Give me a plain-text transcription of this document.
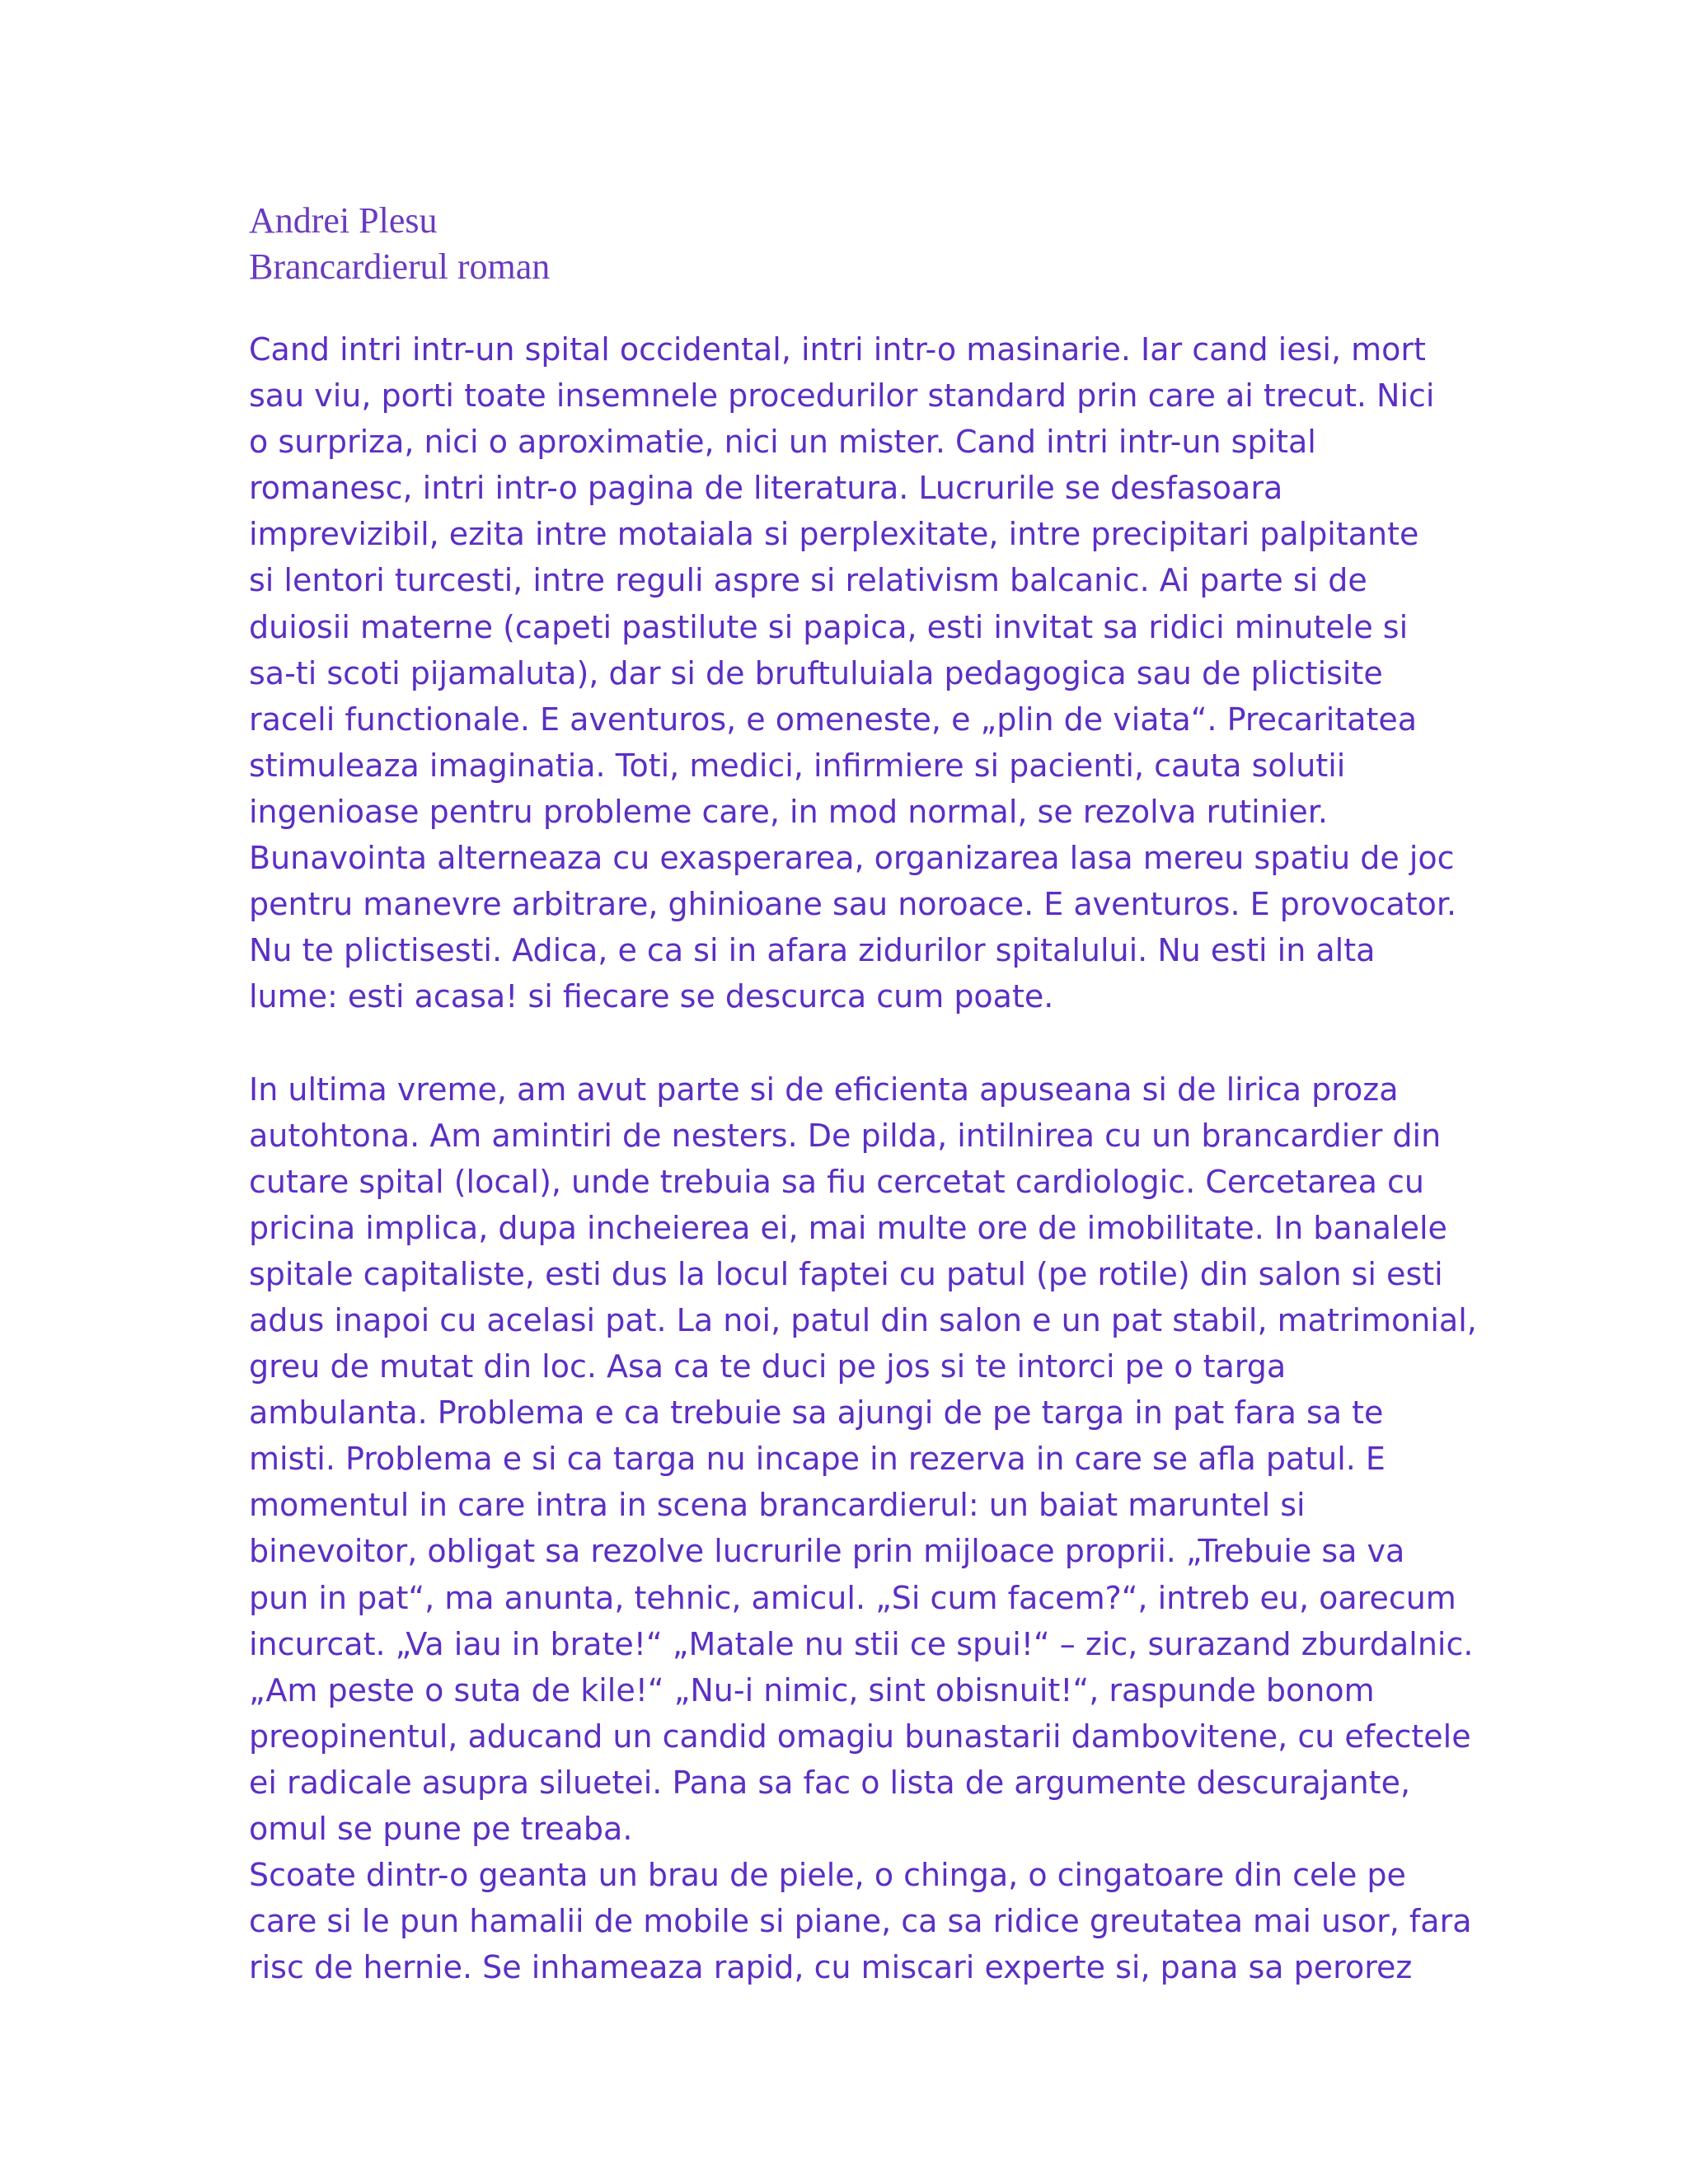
Andrei Plesu
Brancardierul roman
Cand intri intr-un spital occidental, intri intr-o masinarie. Iar cand iesi, mort
sau viu, porti toate insemnele procedurilor standard prin care ai trecut. Nici
o surpriza, nici o aproximatie, nici un mister. Cand intri intr-un spital
romanesc, intri intr-o pagina de literatura. Lucrurile se desfasoara
imprevizibil, ezita intre motaiala si perplexitate, intre precipitari palpitante
si lentori turcesti, intre reguli aspre si relativism balcanic. Ai parte si de
duiosii materne (capeti pastilute si papica, esti invitat sa ridici minutele si
sa-ti scoti pijamaluta), dar si de bruftuluiala pedagogica sau de plictisite
raceli functionale. E aventuros, e omeneste, e „plin de viata“. Precaritatea
stimuleaza imaginatia. Toti, medici, infirmiere si pacienti, cauta solutii
ingenioase pentru probleme care, in mod normal, se rezolva rutinier.
Bunavointa alterneaza cu exasperarea, organizarea lasa mereu spatiu de joc
pentru manevre arbitrare, ghinioane sau noroace. E aventuros. E provocator.
Nu te plictisesti. Adica, e ca si in afara zidurilor spitalului. Nu esti in alta
lume: esti acasa! si fiecare se descurca cum poate.
In ultima vreme, am avut parte si de eficienta apuseana si de lirica proza
autohtona. Am amintiri de nesters. De pilda, intilnirea cu un brancardier din
cutare spital (local), unde trebuia sa fiu cercetat cardiologic. Cercetarea cu
pricina implica, dupa incheierea ei, mai multe ore de imobilitate. In banalele
spitale capitaliste, esti dus la locul faptei cu patul (pe rotile) din salon si esti
adus inapoi cu acelasi pat. La noi, patul din salon e un pat stabil, matrimonial,
greu de mutat din loc. Asa ca te duci pe jos si te intorci pe o targa
ambulanta. Problema e ca trebuie sa ajungi de pe targa in pat fara sa te
misti. Problema e si ca targa nu incape in rezerva in care se afla patul. E
momentul in care intra in scena brancardierul: un baiat maruntel si
binevoitor, obligat sa rezolve lucrurile prin mijloace proprii. „Trebuie sa va
pun in pat“, ma anunta, tehnic, amicul. „Si cum facem?“, intreb eu, oarecum
incurcat. „Va iau in brate!“ „Matale nu stii ce spui!“ – zic, surazand zburdalnic.
„Am peste o suta de kile!“ „Nu-i nimic, sint obisnuit!“, raspunde bonom
preopinentul, aducand un candid omagiu bunastarii dambovitene, cu efectele
ei radicale asupra siluetei. Pana sa fac o lista de argumente descurajante,
omul se pune pe treaba.
Scoate dintr-o geanta un brau de piele, o chinga, o cingatoare din cele pe
care si le pun hamalii de mobile si piane, ca sa ridice greutatea mai usor, fara
risc de hernie. Se inhameaza rapid, cu miscari experte si, pana sa perorez
